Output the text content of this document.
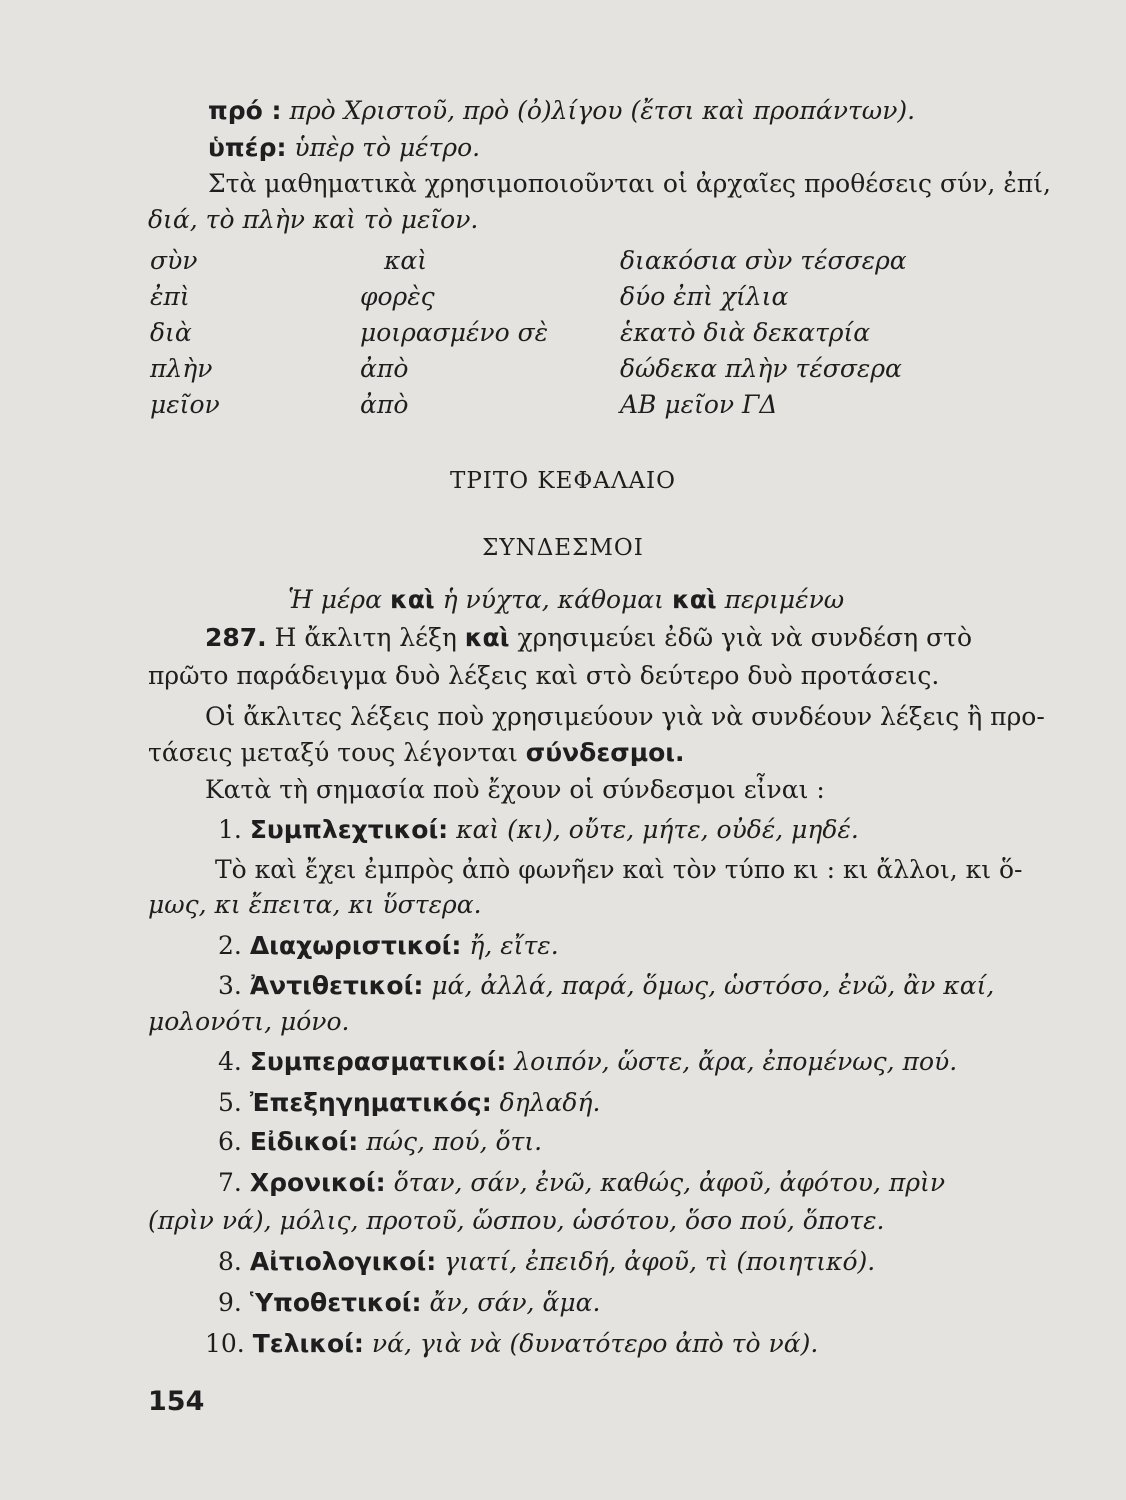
πρό : πρὸ Χριστοῦ, πρὸ (ὀ)λίγου (ἔτσι καὶ προπάντων).
ὑπέρ: ὑπὲρ τὸ μέτρο.
Στὰ μαθηματικὰ χρησιμοποιοῦνται οἱ ἀρχαῖες προθέσεις σύν, ἐπί,
διά, τὸ πλὴν καὶ τὸ μεῖον.
σὺν
ἐπὶ
διὰ
πλὴν
μεῖον
καὶ
φορὲς
μοιρασμένο σὲ
ἀπὸ
ἀπὸ
διακόσια σὺν τέσσερα
δύο ἐπὶ χίλια
ἑκατὸ διὰ δεκατρία
δώδεκα πλὴν τέσσερα
ΑΒ μεῖον ΓΔ
ΤΡΙΤΟ ΚΕΦΑΛΑΙΟ
ΣΥΝΔΕΣΜΟΙ
Ἡ μέρα καὶ ἡ νύχτα, κάθομαι καὶ περιμένω
287. Η ἄκλιτη λέξη καὶ χρησιμεύει ἐδῶ γιὰ νὰ συνδέση στὸ
πρῶτο παράδειγμα δυὸ λέξεις καὶ στὸ δεύτερο δυὸ προτάσεις.
Οἱ ἄκλιτες λέξεις ποὺ χρησιμεύουν γιὰ νὰ συνδέουν λέξεις ἢ προ-
τάσεις μεταξύ τους λέγονται σύνδεσμοι.
Κατὰ τὴ σημασία ποὺ ἔχουν οἱ σύνδεσμοι εἶναι :
1. Συμπλεχτικοί: καὶ (κι), οὔτε, μήτε, οὐδέ, μηδέ.
Τὸ καὶ ἔχει ἐμπρὸς ἀπὸ φωνῆεν καὶ τὸν τύπο κι : κι ἄλλοι, κι ὅ-
μως, κι ἔπειτα, κι ὕστερα.
2. Διαχωριστικοί: ἤ, εἴτε.
3. Ἀντιθετικοί: μά, ἀλλά, παρά, ὅμως, ὡστόσο, ἐνῶ, ἂν καί,
μολονότι, μόνο.
4. Συμπερασματικοί: λοιπόν, ὥστε, ἄρα, ἐπομένως, πού.
5. Ἐπεξηγηματικός: δηλαδή.
6. Εἰδικοί: πώς, πού, ὅτι.
7. Χρονικοί: ὅταν, σάν, ἐνῶ, καθώς, ἀφοῦ, ἀφότου, πρὶν
(πρὶν νά), μόλις, προτοῦ, ὥσπου, ὡσότου, ὅσο πού, ὅποτε.
8. Αἰτιολογικοί: γιατί, ἐπειδή, ἀφοῦ, τὶ (ποιητικό).
9. Ὑποθετικοί: ἄν, σάν, ἅμα.
10. Τελικοί: νά, γιὰ νὰ (δυνατότερο ἀπὸ τὸ νά).
154
